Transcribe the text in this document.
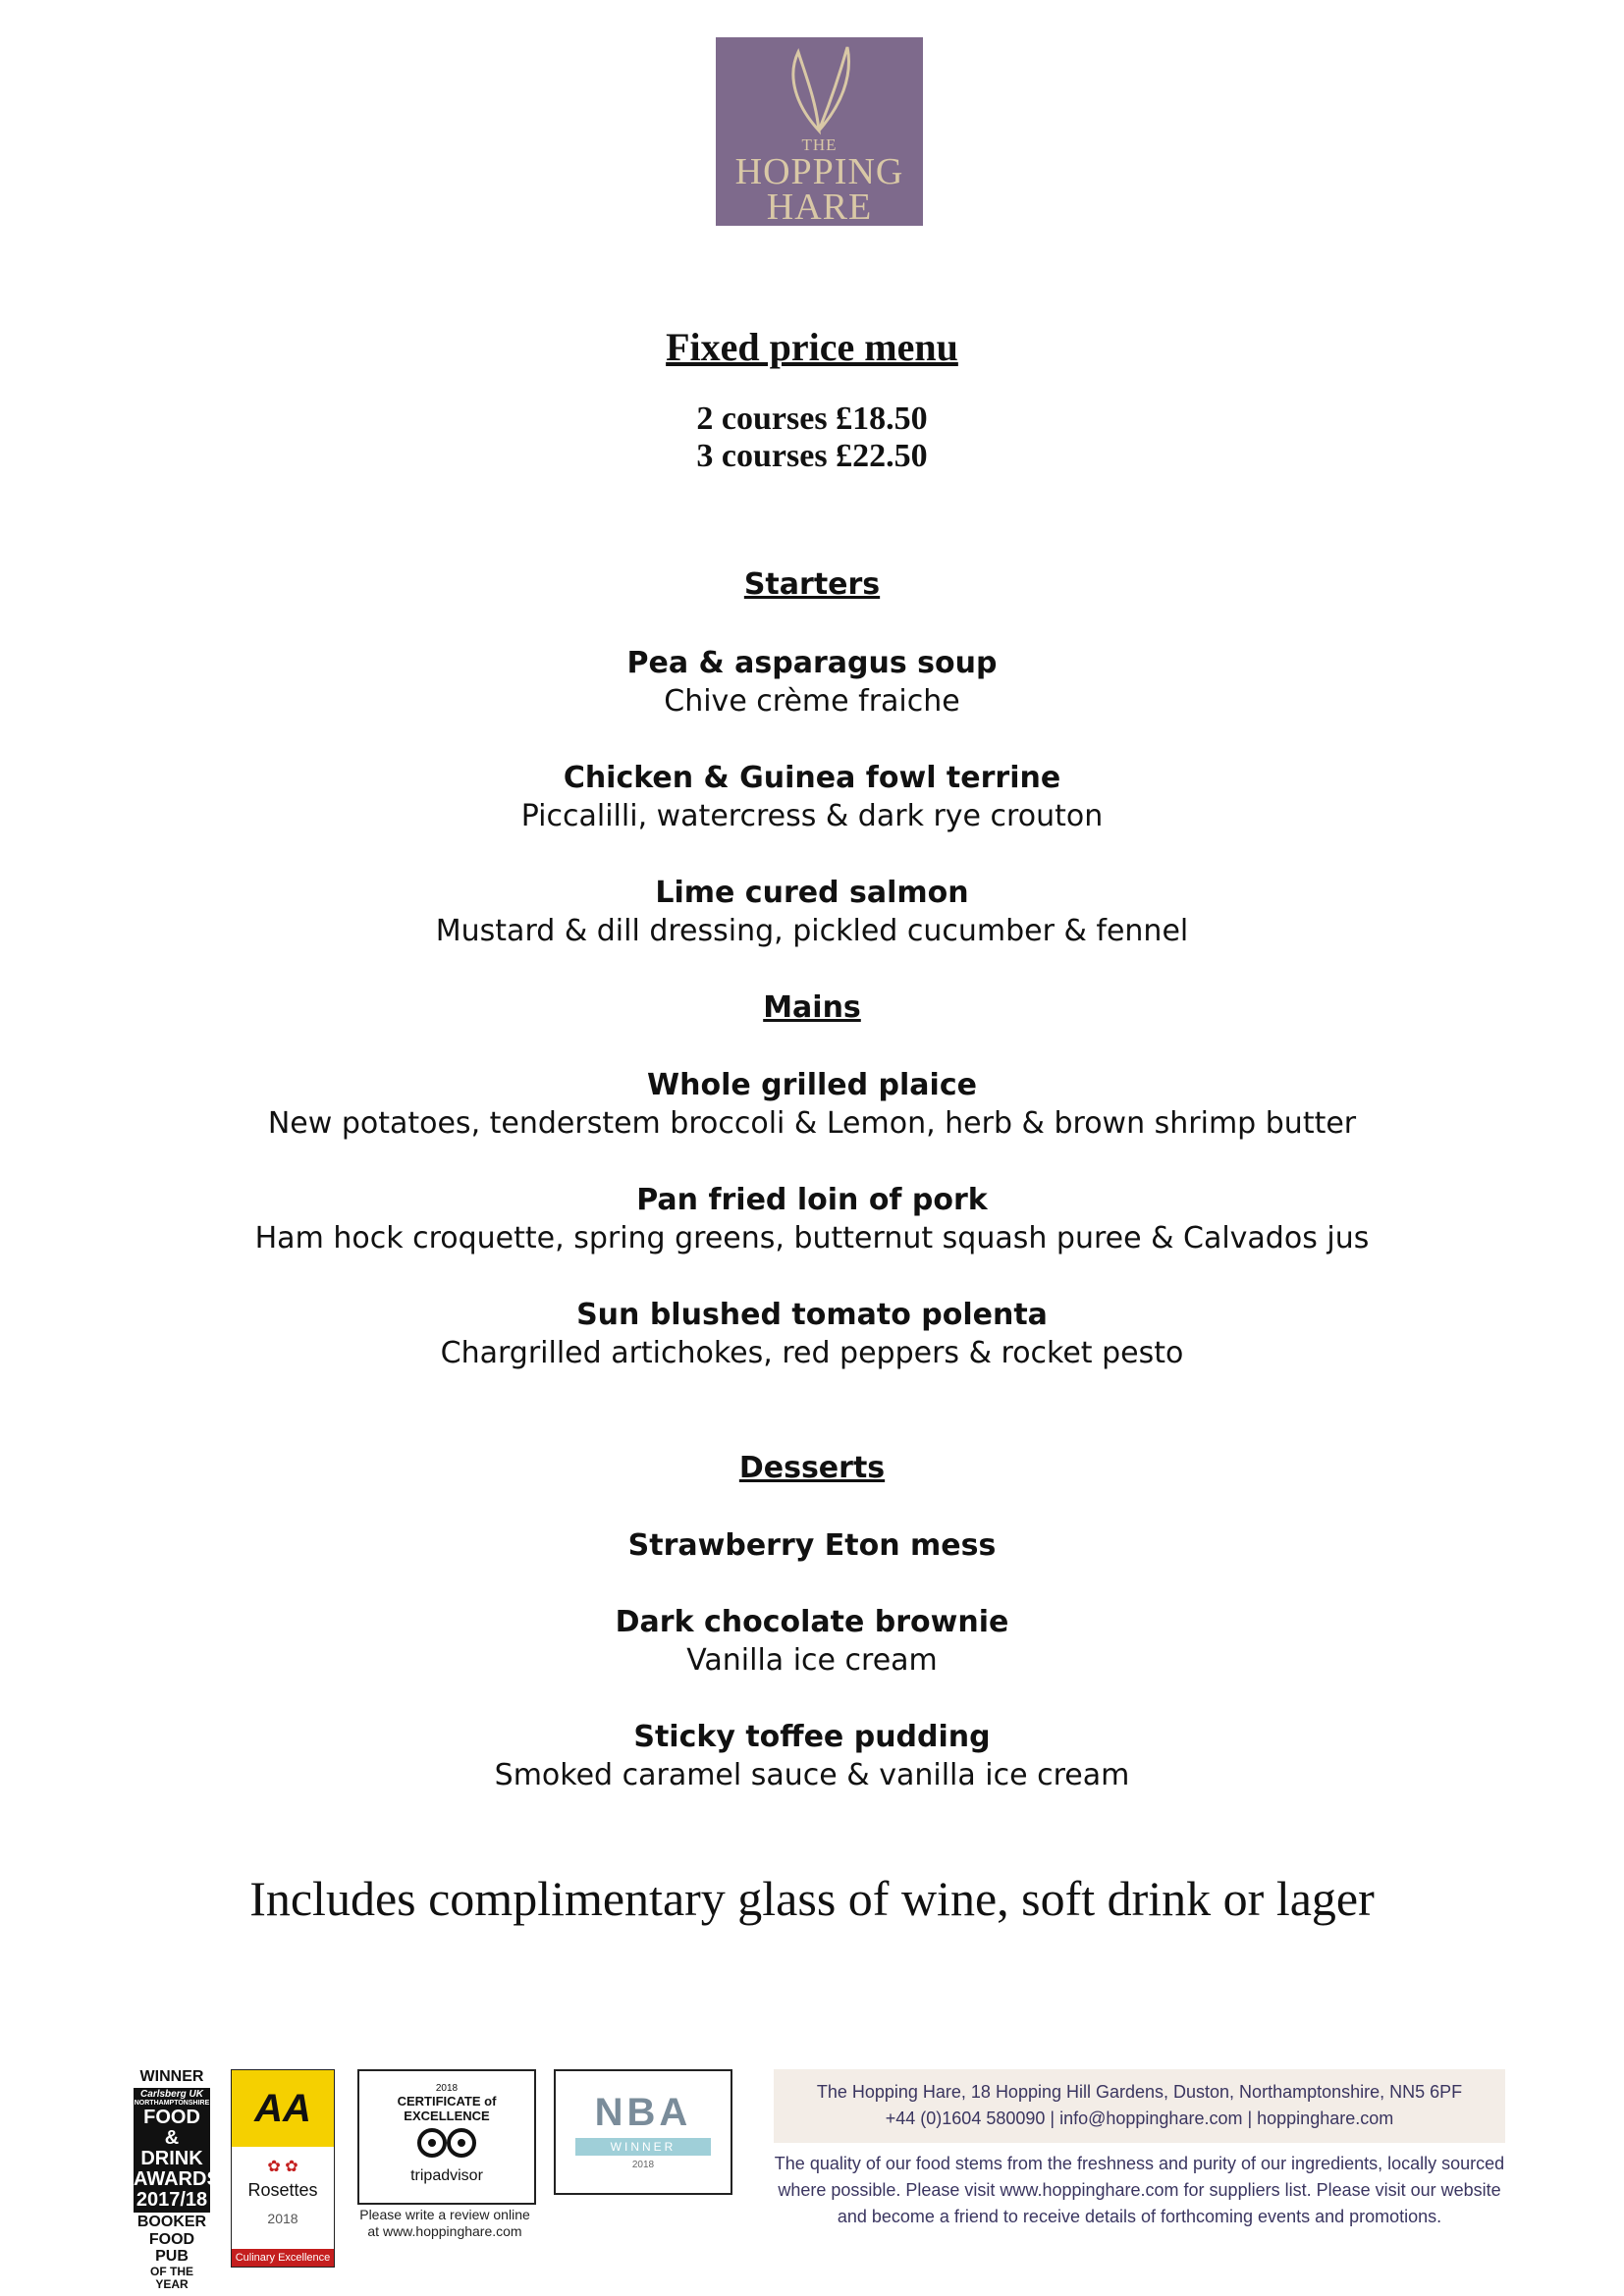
THE
HOPPING
HARE
Fixed price menu
2 courses £18.50
3 courses £22.50
Starters
Pea & asparagus soup
Chive crème fraiche
Chicken & Guinea fowl terrine
Piccalilli, watercress & dark rye crouton
Lime cured salmon
Mustard & dill dressing, pickled cucumber & fennel
Mains
Whole grilled plaice
New potatoes, tenderstem broccoli & Lemon, herb & brown shrimp butter
Pan fried loin of pork
Ham hock croquette, spring greens, butternut squash puree & Calvados jus
Sun blushed tomato polenta
Chargrilled artichokes, red peppers & rocket pesto
Desserts
Strawberry Eton mess
Dark chocolate brownie
Vanilla ice cream
Sticky toffee pudding
Smoked caramel sauce & vanilla ice cream
Includes complimentary glass of wine, soft drink or lager
WINNER
Carlsberg UK
NORTHAMPTONSHIRE
FOOD
& DRINK
AWARDS
2017/18
BOOKER
FOOD PUB
OF THE YEAR
AA
✿ ✿
Rosettes
2018
Culinary Excellence
2018
CERTIFICATE of
EXCELLENCE
tripadvisor
Please write a review online at www.hoppinghare.com
NBA
WINNER
2018
The Hopping Hare, 18 Hopping Hill Gardens, Duston, Northamptonshire, NN5 6PF
+44 (0)1604 580090 | info@hoppinghare.com | hoppinghare.com
The quality of our food stems from the freshness and purity of our ingredients, locally sourced where possible. Please visit www.hoppinghare.com for suppliers list. Please visit our website and become a friend to receive details of forthcoming events and promotions.
